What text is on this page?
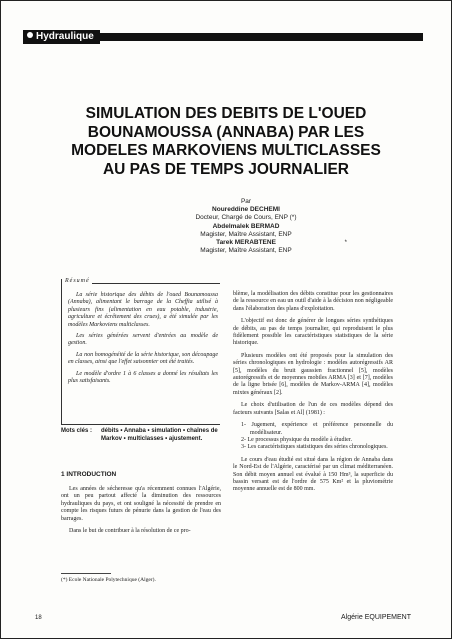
Hydraulique
SIMULATION DES DEBITS DE L'OUED
BOUNAMOUSSA (ANNABA) PAR LES
MODELES MARKOVIENS MULTICLASSES
AU PAS DE TEMPS JOURNALIER
Par
Noureddine DECHEMI
Docteur, Chargé de Cours, ENP (*)
Abdelmalek BERMAD
Magister, Maître Assistant, ENP
Tarek MERABTENE
Magister, Maître Assistant, ENP
*
Résumé

La série historique des débits de l'oued Bounamoussa (Annaba), alimentant le barrage de la Cheffia utilisé à plusieurs fins (alimentation en eau potable, industrie, agriculture et écrêtement des crues), a été simulée par les modèles Markoviens multiclasses.

Les séries générées servent d'entrées au modèle de gestion.

La non homogénéité de la série historique, son découpage en classes, ainsi que l'effet saisonnier ont été traités.

Le modèle d'ordre 1 à 6 classes a donné les résultats les plus satisfaisants.

Mots clés : débits • Annaba • simulation • chaînes de Markov • multiclasses • ajustement.
1 INTRODUCTION

Les années de sécheresse qu'a récemment connues l'Algérie, ont un peu partout affecté la diminution des ressources hydrauliques du pays, et ont souligné la nécessité de prendre en compte les risques futurs de pénurie dans la gestion de l'eau des barrages.

Dans le but de contribuer à la résolution de ce pro-

(*) Ecole Nationale Polytechnique (Alger).

blème, la modélisation des débits constitue pour les gestionnaires de la ressource en eau un outil d'aide à la décision non négligeable dans l'élaboration des plans d'exploitation.

L'objectif est donc de générer de longues séries synthétiques de débits, au pas de temps journalier, qui reproduisent le plus fidèlement possible les caractéristiques statistiques de la série historique.

Plusieurs modèles ont été proposés pour la simulation des séries chronologiques en hydrologie : modèles autorégressifs AR [5], modèles du bruit gaussien fractionnel [5], modèles autorégressifs et de moyennes mobiles ARMA [3] et [7], modèles de la ligne brisée [6], modèles de Markov-ARMA [4], modèles mixtes généraux [2].

Le choix d'utilisation de l'un de ces modèles dépend des facteurs suivants [Salas et Al] (1981) :

1- Jugement, expérience et préférence personnelle du modélisateur.
2- Le processus physique du modèle à étudier.
3- Les caractéristiques statistiques des séries chronologiques.

Le cours d'eau étudié est situé dans la région de Annaba dans le Nord-Est de l'Algérie, caractérisé par un climat méditerranéen. Son débit moyen annuel est évalué à 150 Hm³, la superficie du bassin versant est de l'ordre de 575 Km² et la pluviométrie moyenne annuelle est de 800 mm.

18	Algérie EQUIPEMENT
